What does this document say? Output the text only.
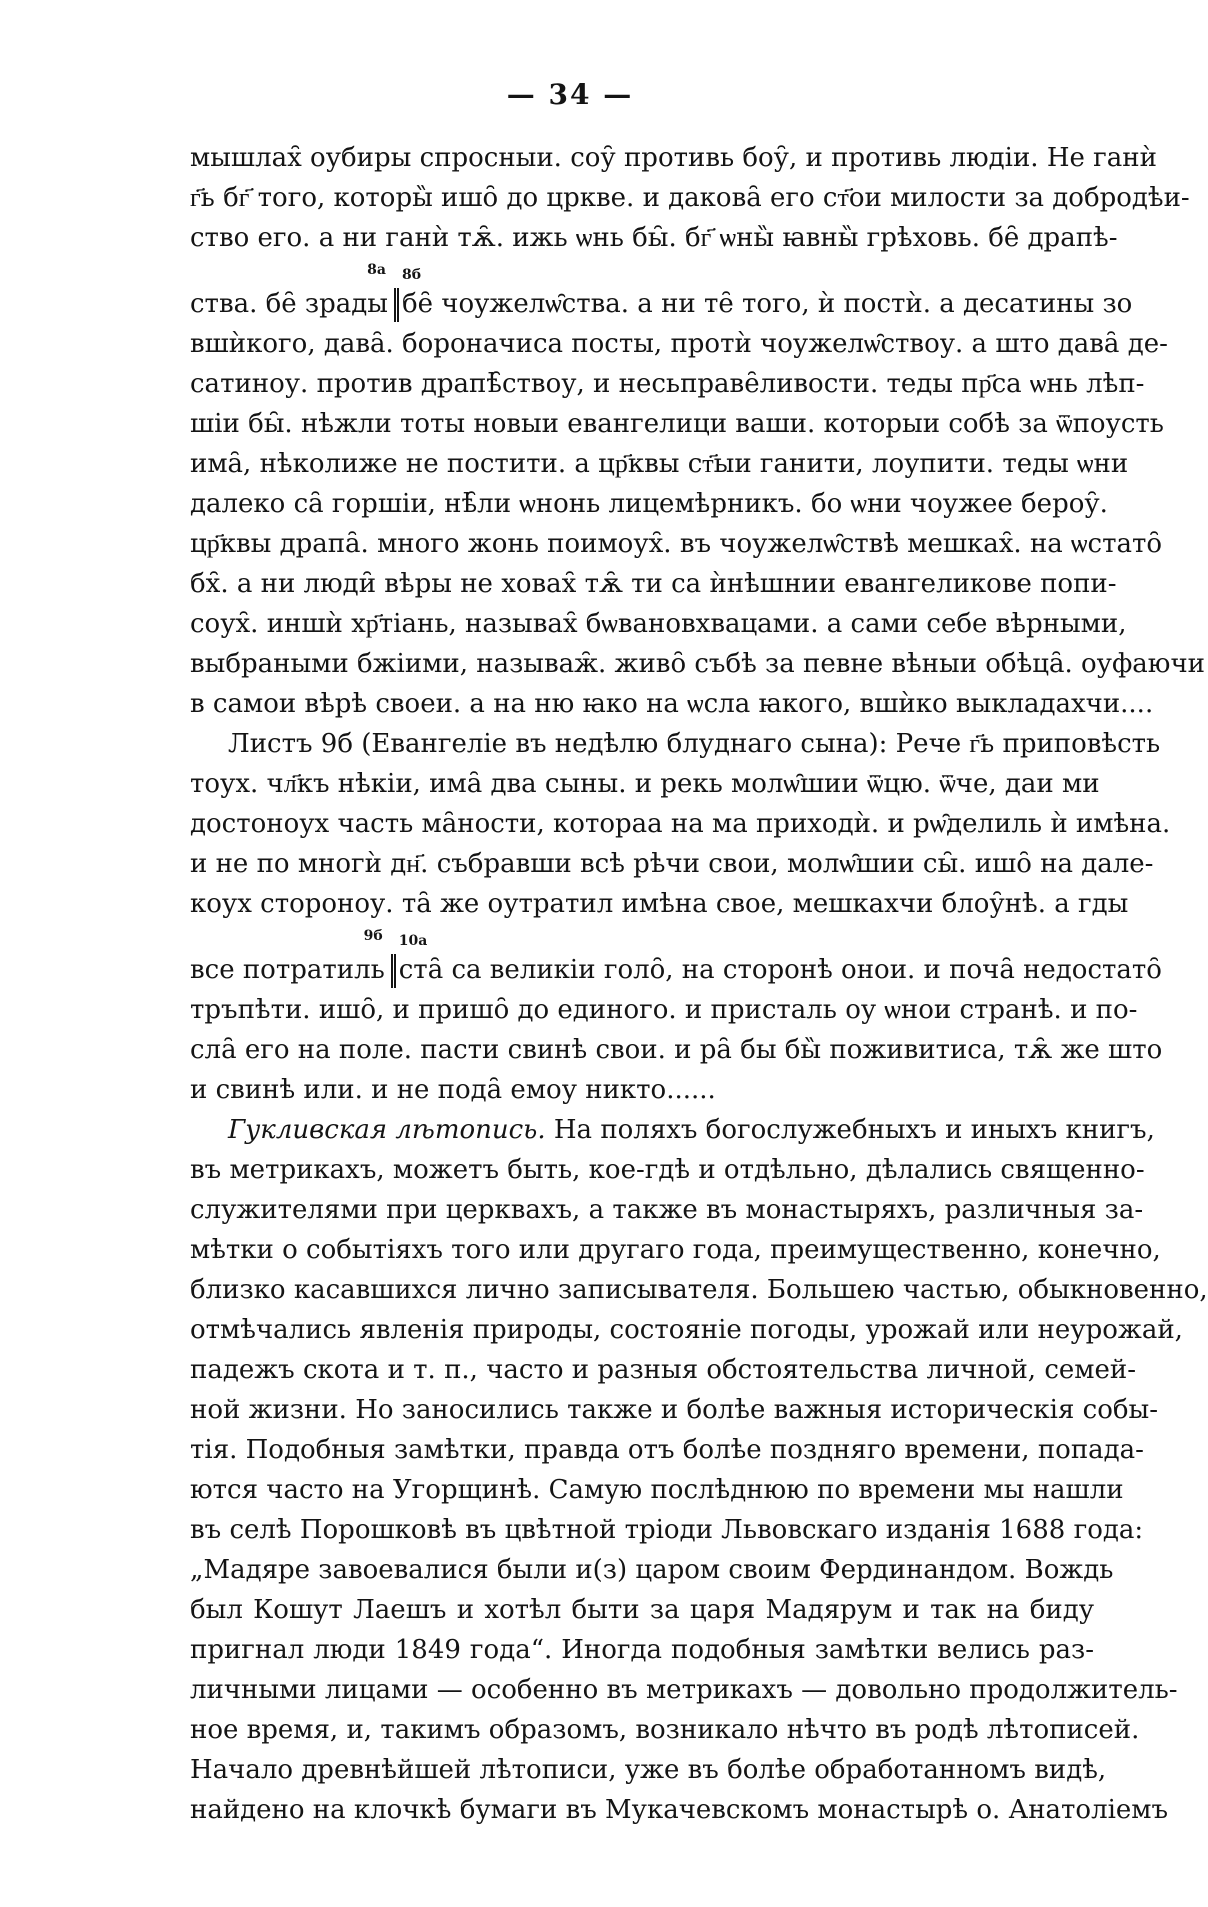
— 34 —
мышлах̑ оубиры спросныи. соу̑ противь боу̑, и противь людіи. Не ганѝ
г҃ь бг҃ того, которы̏ ишо̑ до црквe. и дакова̑ его ст҃ои милости за добродѣи-
ство его. а ни ганѝ тѫ̑. ижь ѡнь бы̑. бг҃ ѡны̏ ꙗвны̏ грѣховь. бе̑ драпѣ-
ства. бе̑ зрады
8а 8б
бе̑ чоужелѡ̑ства. а ни те̑ того, ѝ постѝ. а десатины зо
вшѝкого, дава̑. бороначиса посты, протѝ чоужелѡ̑ствоу. а што дава̑ де-
сатиноу. против драпѣ̑ствоу, и несьправе̑ливости. теды пр҃са ѡнь лѣп-
шіи бы̑. нѣжли тоты новыи евангелици ваши. которыи собѣ за ѿпоусть
има̑, нѣколиже не постити. а цр҃квы ст҃ыи ганити, лоупити. теды ѡни
далеко са̑ горшіи, нѣ̑ли ѡнонь лицемѣрникъ. бо ѡни чоужее бероу̑.
цр҃квы драпа̑. много жонь поимоух̑. въ чоужелѡ̑ствѣ мешках̑. на ѡстато̑
бх̑. а ни люди̑ вѣры не ховах̑ тѫ̑ ти са ѝнѣшнии евангеликове попи-
соух̑. иншѝ хр҃тіань, называх̑ бѡвановхвацами. а сами себе вѣрными,
выбраными бжіими, называж̑. живо̑ събѣ за певне вѣныи обѣца̑. оуфаючи
в самои вѣрѣ своеи. а на ню ꙗко на ѡсла ꙗкого, вшѝко выкладахчи....
Листъ 9б (Евангеліе въ недѣлю блуднаго сына): Рече г҃ь приповѣсть
тоух. чл҃къ нѣкіи, има̑ два сыны. и рекь молѡ̑шии ѿцю. ѿче, даи ми
достоноух часть ма̑ности, котораа на ма приходѝ. и рѡ̑делиль ѝ имѣна.
и не по многѝ дн҃. събравши всѣ рѣчи свои, молѡ̑шии сы̑. ишо̑ на дале-
коух стороноу. та̑ же оутратил имѣна свое, мешкахчи блоу̑нѣ. а гды
все потратиль
9б 10а
ста̑ са великіи голо̑, на сторонѣ онои. и поча̑ недостато̑
тръпѣти. ишо̑, и пришо̑ до единого. и присталь оу ѡнои странѣ. и по-
сла̑ его на поле. пасти свинѣ свои. и ра̑ бы бы̏ поживитиса, тѫ̑ же што
и свинѣ или. и не пода̑ емоу никто......
Гукливская лѣтопись. На поляхъ богослужебныхъ и иныхъ книгъ,
въ метрикахъ, можетъ быть, кое-гдѣ и отдѣльно, дѣлались священно-
служителями при церквахъ, а также въ монастыряхъ, различныя за-
мѣтки о событіяхъ того или другаго года, преимущественно, конечно,
близко касавшихся лично записывателя. Большею частью, обыкновенно,
отмѣчались явленія природы, состояніе погоды, урожай или неурожай,
падежъ скота и т. п., часто и разныя обстоятельства личной, семей-
ной жизни. Но заносились также и болѣе важныя историческія собы-
тія. Подобныя замѣтки, правда отъ болѣе поздняго времени, попада-
ются часто на Угорщинѣ. Самую послѣднюю по времени мы нашли
въ селѣ Порошковѣ въ цвѣтной тріоди Львовскаго изданія 1688 года:
„Мадяре завоевалися были и(з) царом своим Фердинандом. Вождь
был Кошут Лаешъ и хотѣл быти за царя Мадярум и так на биду
пригнал люди 1849 года“. Иногда подобныя замѣтки велись раз-
личными лицами — особенно въ метрикахъ — довольно продолжитель-
ное время, и, такимъ образомъ, возникало нѣчто въ родѣ лѣтописей.
Начало древнѣйшей лѣтописи, уже въ болѣе обработанномъ видѣ,
найдено на клочкѣ бумаги въ Мукачевскомъ монастырѣ о. Анатоліемъ
